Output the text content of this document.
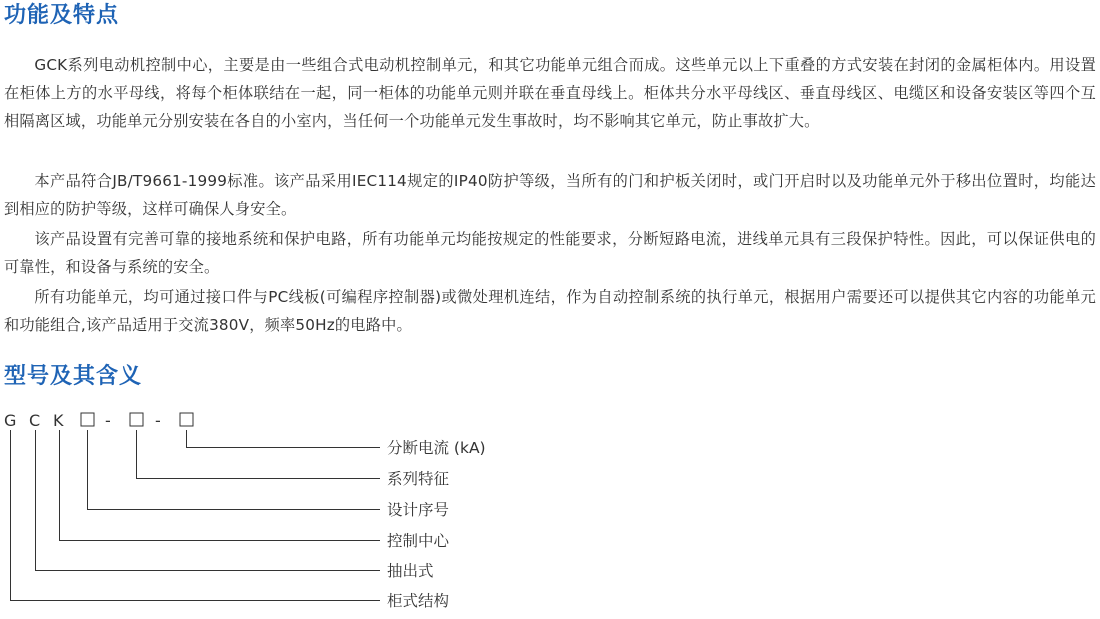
功能及特点

GCK系列电动机控制中心，主要是由一些组合式电动机控制单元，和其它功能单元组合而成。这些单元以上下重叠的方式安装在封闭的金属柜体内。用设置在柜体上方的水平母线，将每个柜体联结在一起，同一柜体的功能单元则并联在垂直母线上。柜体共分水平母线区、垂直母线区、电缆区和设备安装区等四个互相隔离区域，功能单元分别安装在各自的小室内，当任何一个功能单元发生事故时，均不影响其它单元，防止事故扩大。

本产品符合JB/T9661-1999标准。该产品采用IEC114规定的IP40防护等级，当所有的门和护板关闭时，或门开启时以及功能单元外于移出位置时，均能达到相应的防护等级，这样可确保人身安全。

该产品设置有完善可靠的接地系统和保护电路，所有功能单元均能按规定的性能要求，分断短路电流，进线单元具有三段保护特性。因此，可以保证供电的可靠性，和设备与系统的安全。

所有功能单元，均可通过接口件与PC线板(可编程序控制器)或微处理机连结，作为自动控制系统的执行单元，根据用户需要还可以提供其它内容的功能单元和功能组合,该产品适用于交流380V，频率50Hz的电路中。

型号及其含义
G C K	-	-
分断电流 (kA)
系列特征
设计序号
控制中心
抽出式
柜式结构
